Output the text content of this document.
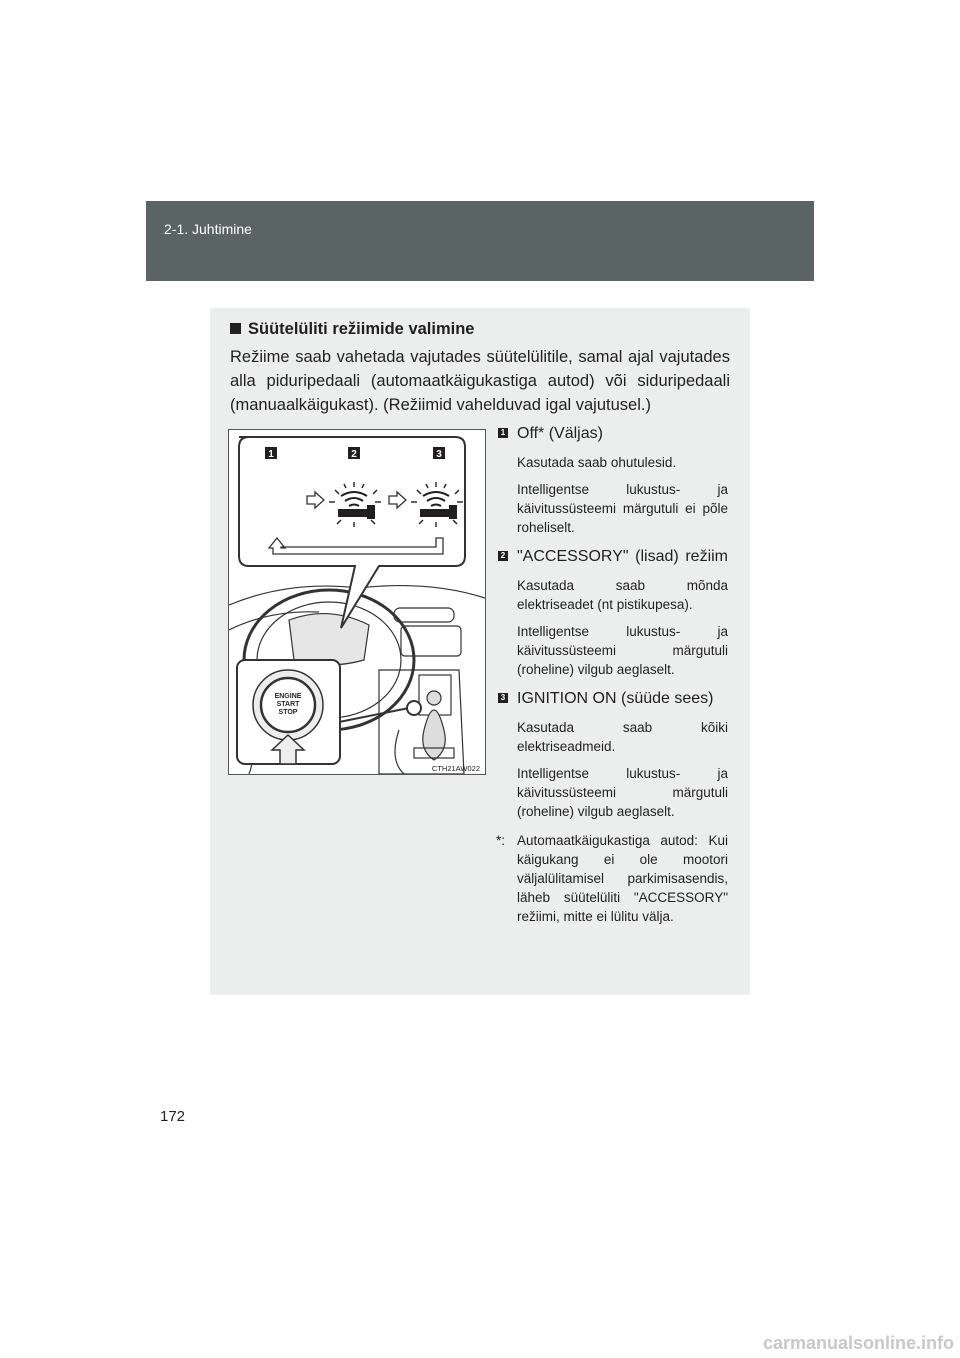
2-1. Juhtimine
Süütelüliti režiimide valimine
Režiime saab vahetada vajutades süütelülitile, samal ajal vajutades alla piduripedaali (automaatkäigukastiga autod) või siduripedaali (manuaalkäigukast). (Režiimid vahelduvad igal vajutusel.)
1	2	3
ENGINE
START
STOP
CTH21AW022
1 Off* (Väljas)

Kasutada saab ohutulesid.

Intelligentse lukustus- ja käivitussüsteemi märgutuli ei põle roheliselt.

2 "ACCESSORY" (lisad) režiim

Kasutada saab mõnda elektriseadet (nt pistikupesa).

Intelligentse lukustus- ja käivitussüsteemi märgutuli (roheline) vilgub aeglaselt.

3 IGNITION ON (süüde sees)

Kasutada saab kõiki elektriseadmeid.

Intelligentse lukustus- ja käivitussüsteemi märgutuli (roheline) vilgub aeglaselt.

*: Automaatkäigukastiga autod: Kui käigukang ei ole mootori väljalülitamisel parkimisasendis, läheb süütelüliti "ACCESSORY" režiimi, mitte ei lülitu välja.
172
carmanualsonline.info
